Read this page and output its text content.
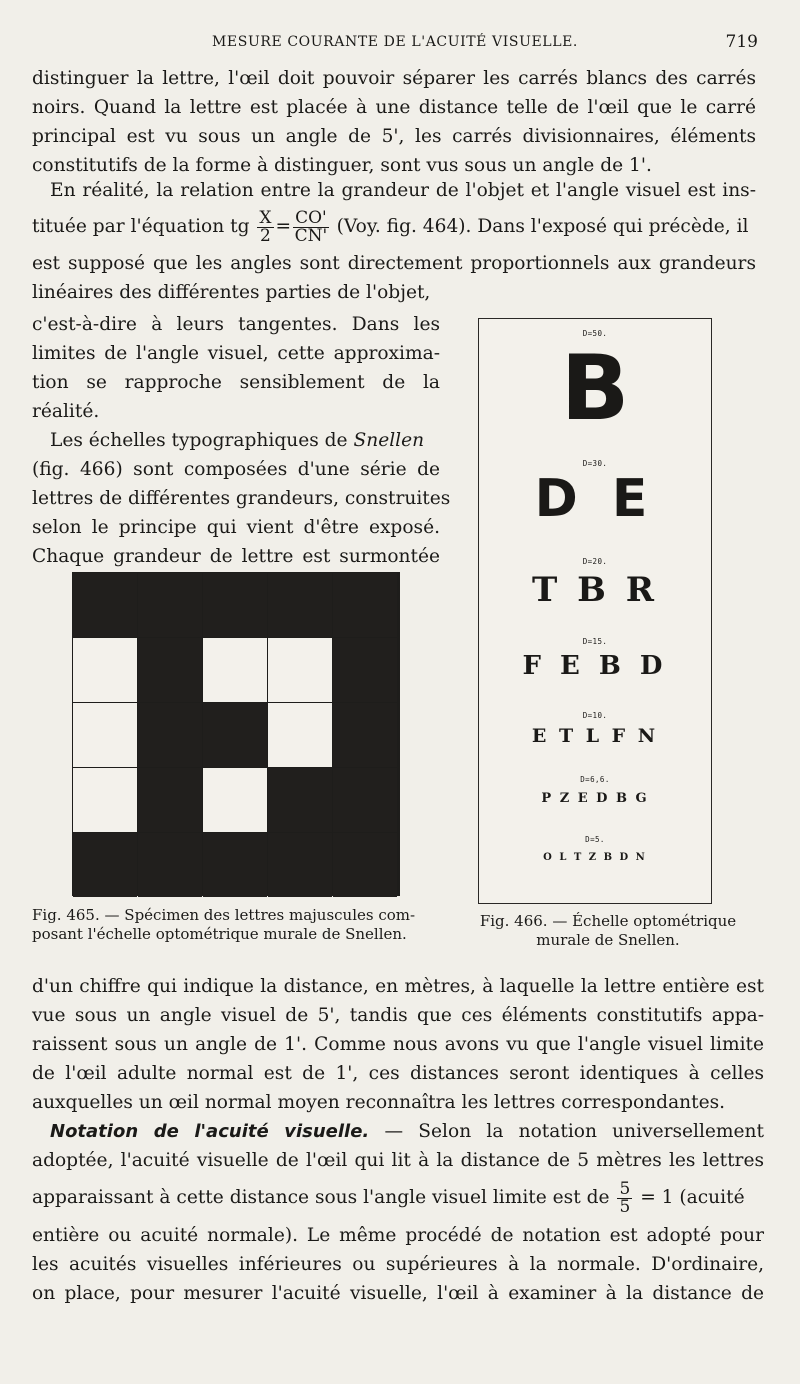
MESURE COURANTE DE L'ACUITÉ VISUELLE.	719
distinguer la lettre, l'œil doit pouvoir séparer les carrés blancs des carrés
noirs. Quand la lettre est placée à une distance telle de l'œil que le carré
principal est vu sous un angle de 5', les carrés divisionnaires, éléments
constitutifs de la forme à distinguer, sont vus sous un angle de 1'.
En réalité, la relation entre la grandeur de l'objet et l'angle visuel est ins-
tituée par l'équation tg $\frac{X}{2} = \frac{CO'}{CN'} (Voy$. fig. 464). Dans l'exposé qui précède, il
est supposé que les angles sont directement proportionnels aux grandeurs
linéaires des différentes parties de l'objet,
c'est-à-dire à leurs tangentes. Dans les
limites de l'angle visuel, cette approxima-
tion se rapproche sensiblement de la
réalité.
Les échelles typographiques de Snellen
(fig. 466) sont composées d'une série de
lettres de différentes grandeurs, construites
selon le principe qui vient d'être exposé.
Chaque grandeur de lettre est surmontée
D=50.
B
D=30.
D E
D=20.
T B R
D=15.
F E B D
D=10.
E T L F N
D=6,6.
P Z E D B G
D=5.
O L T Z B D N
Fig. 465. — Spécimen des lettres majuscules com-
posant l'échelle optométrique murale de Snellen.
Fig. 466. — Échelle optométrique
murale de Snellen.
d'un chiffre qui indique la distance, en mètres, à laquelle la lettre entière est
vue sous un angle visuel de 5', tandis que ces éléments constitutifs appa-
raissent sous un angle de 1'. Comme nous avons vu que l'angle visuel limite
de l'œil adulte normal est de 1', ces distances seront identiques à celles
auxquelles un œil normal moyen reconnaîtra les lettres correspondantes.
Notation de l'acuité visuelle. — Selon la notation universellement
adoptée, l'acuité visuelle de l'œil qui lit à la distance de 5 mètres les lettres
apparaissant à cette distance sous l'angle visuel limite est de $\frac{5}{5} = 1$ (acuité
entière ou acuité normale). Le même procédé de notation est adopté pour
les acuités visuelles inférieures ou supérieures à la normale. D'ordinaire,
on place, pour mesurer l'acuité visuelle, l'œil à examiner à la distance de
